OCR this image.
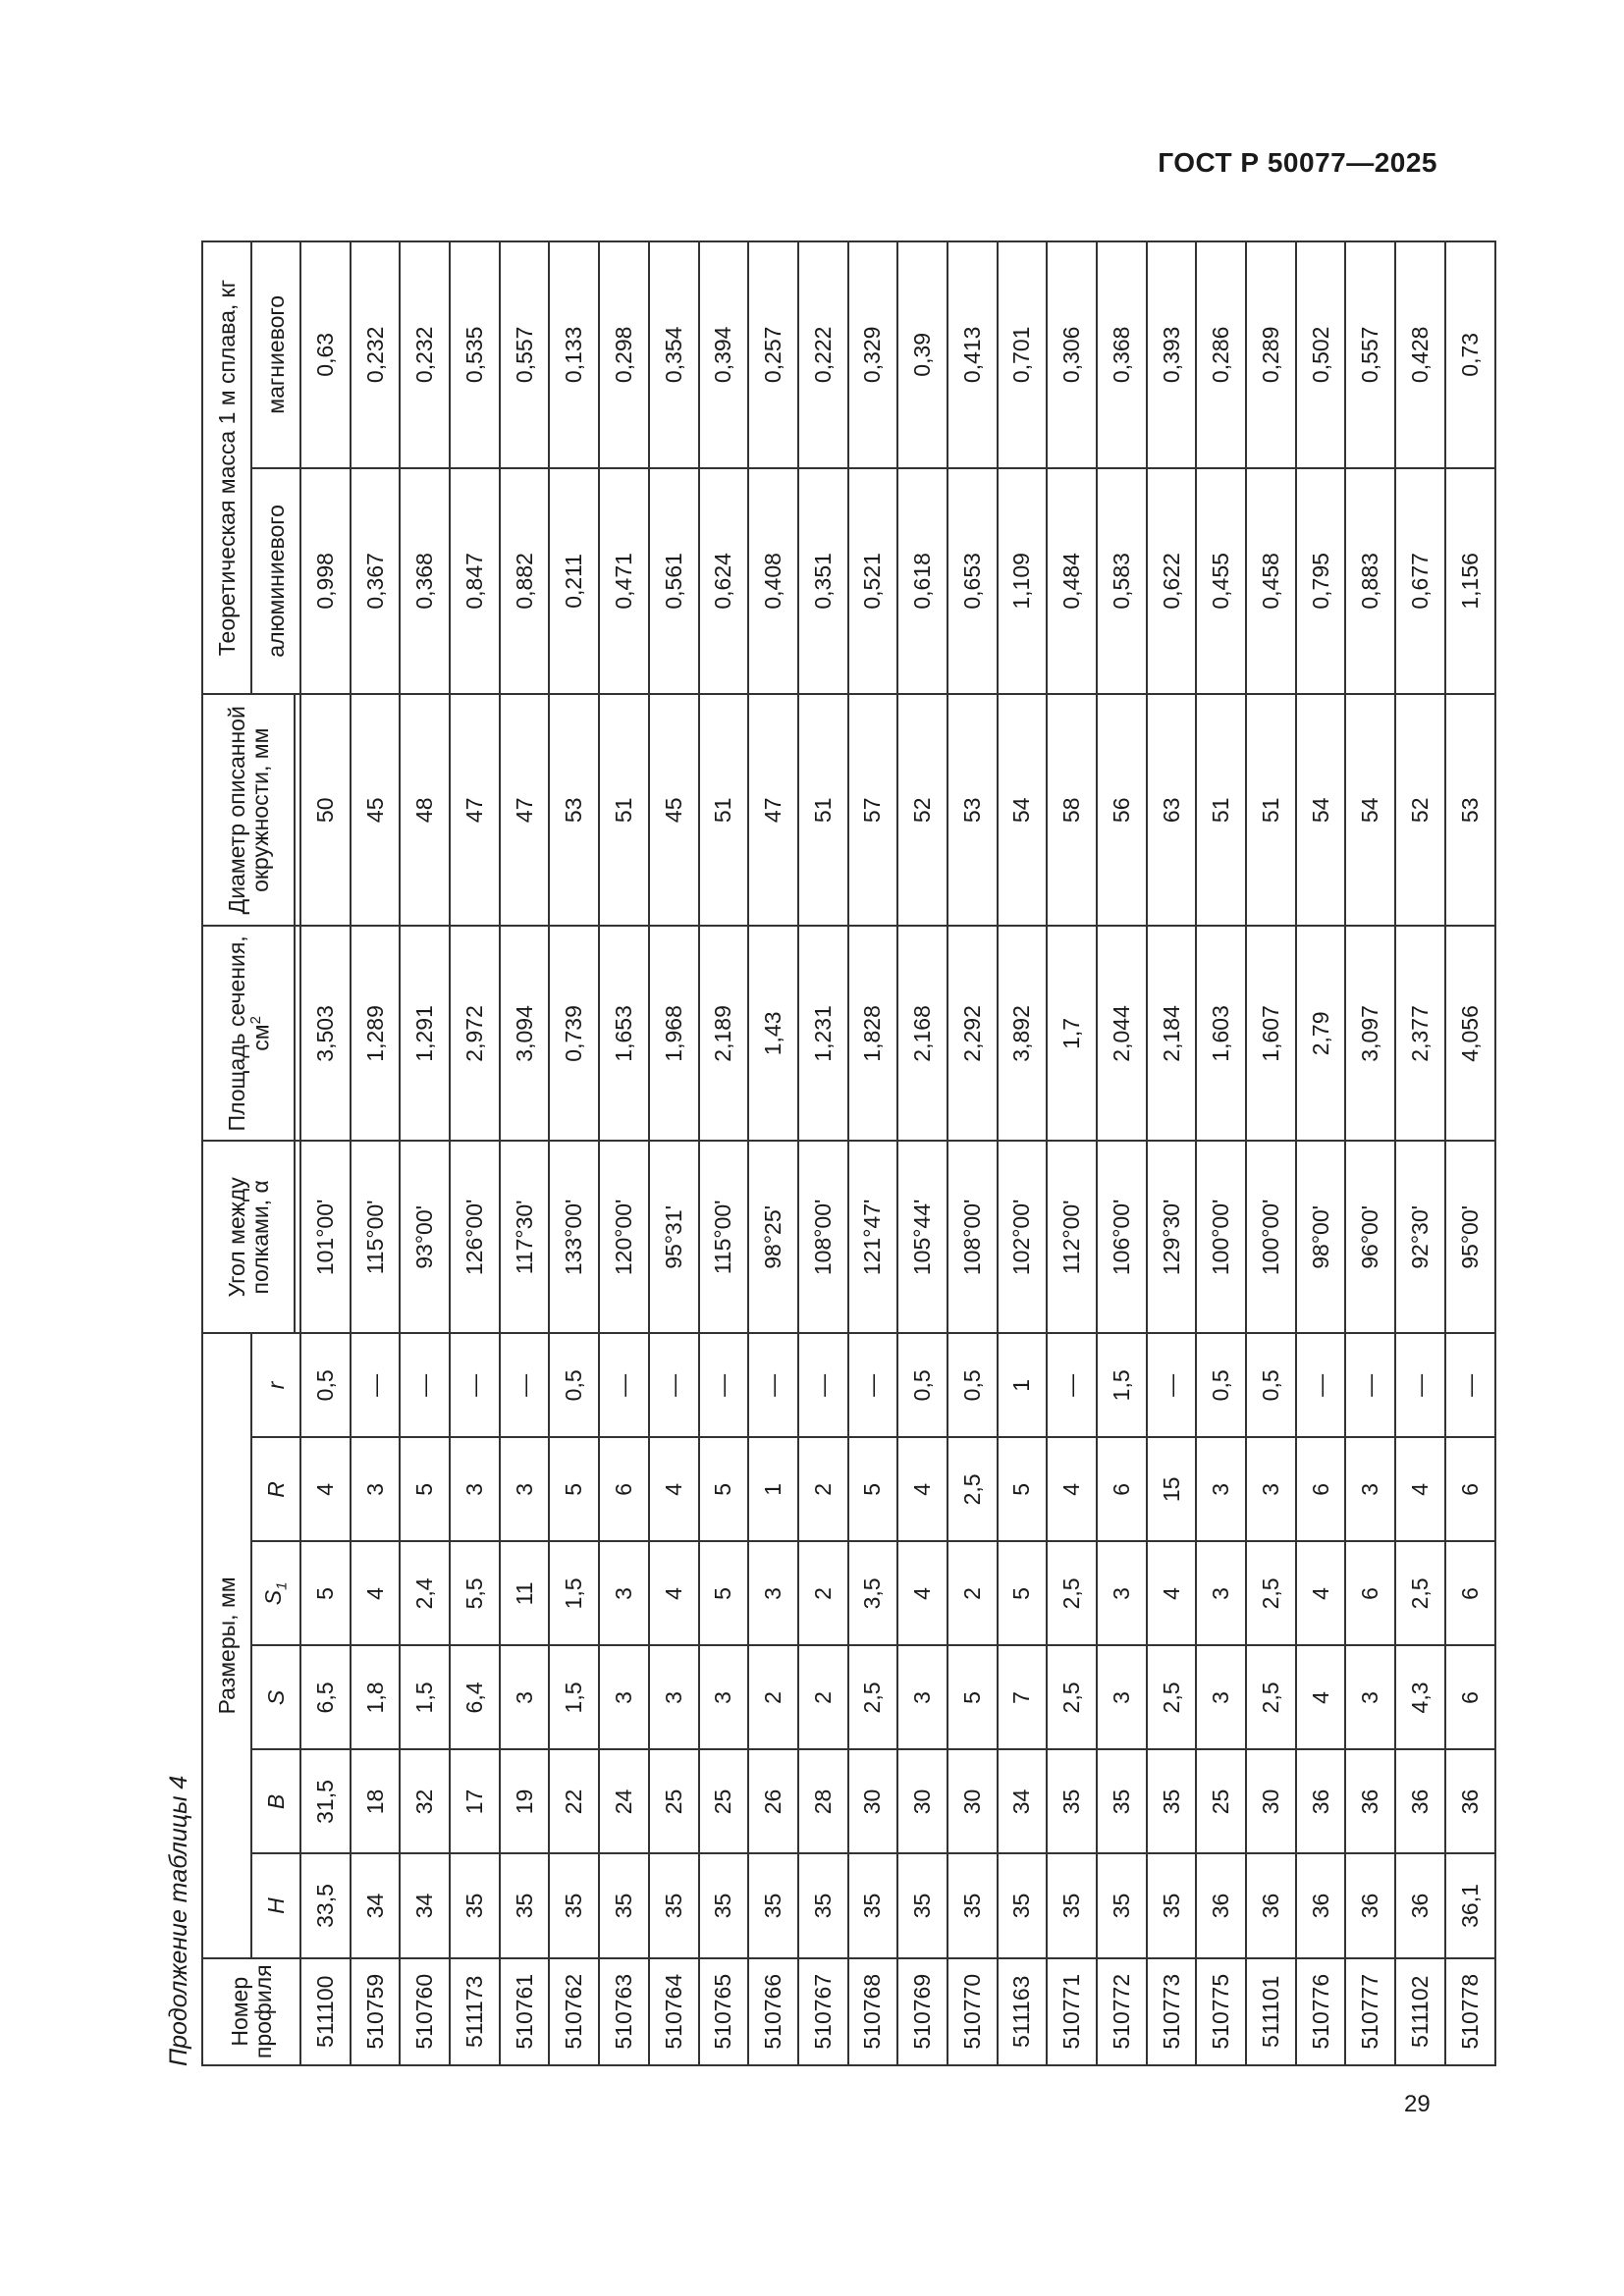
ГОСТ Р 50077—2025
Продолжение таблицы 4	Номер профиля	Размеры, мм						Угол между полками, α	Площадь сечения, $см^2$	Диаметр описанной окружности, мм	Теоретическая масса 1 м сплава, кг	
	H	B	S	$S_1$	R	r				алюминиевого	магниевого

511100	33,5	31,5	6,5	5	4	0,5	101°00'	3,503	50	0,998	0,63
510759	34	18	1,8	4	3	—	115°00'	1,289	45	0,367	0,232
510760	34	32	1,5	2,4	5	—	93°00'	1,291	48	0,368	0,232
511173	35	17	6,4	5,5	3	—	126°00'	2,972	47	0,847	0,535
510761	35	19	3	11	3	—	117°30'	3,094	47	0,882	0,557
510762	35	22	1,5	1,5	5	0,5	133°00'	0,739	53	0,211	0,133
510763	35	24	3	3	6	—	120°00'	1,653	51	0,471	0,298
510764	35	25	3	4	4	—	95°31'	1,968	45	0,561	0,354
510765	35	25	3	5	5	—	115°00'	2,189	51	0,624	0,394
510766	35	26	2	3	1	—	98°25'	1,43	47	0,408	0,257
510767	35	28	2	2	2	—	108°00'	1,231	51	0,351	0,222
510768	35	30	2,5	3,5	5	—	121°47'	1,828	57	0,521	0,329
510769	35	30	3	4	4	0,5	105°44'	2,168	52	0,618	0,39
510770	35	30	5	2	2,5	0,5	108°00'	2,292	53	0,653	0,413
511163	35	34	7	5	5	1	102°00'	3,892	54	1,109	0,701
510771	35	35	2,5	2,5	4	—	112°00'	1,7	58	0,484	0,306
510772	35	35	3	3	6	1,5	106°00'	2,044	56	0,583	0,368
510773	35	35	2,5	4	15	—	129°30'	2,184	63	0,622	0,393
510775	36	25	3	3	3	0,5	100°00'	1,603	51	0,455	0,286
511101	36	30	2,5	2,5	3	0,5	100°00'	1,607	51	0,458	0,289
510776	36	36	4	4	6	—	98°00'	2,79	54	0,795	0,502
510777	36	36	3	6	3	—	96°00'	3,097	54	0,883	0,557
511102	36	36	4,3	2,5	4	—	92°30'	2,377	52	0,677	0,428
510778	36,1	36	6	6	6	—	95°00'	4,056	53	1,156	0,73
29
